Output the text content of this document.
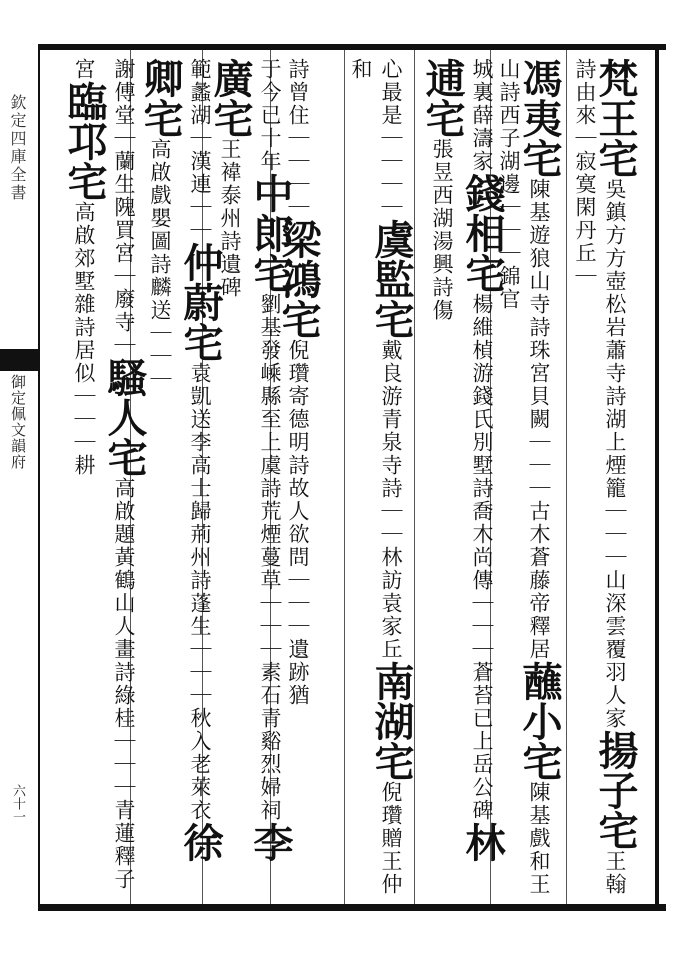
欽定四庫全書
御定佩文韻府
六十一
梵王宅吳鎮方方壺松岩蕭寺詩湖上煙籠｜｜｜山深雲覆羽人家揚子宅王翰詩由來｜寂寞閑丹丘｜
馮夷宅陳基遊狼山寺詩珠宮貝闕｜｜｜古木蒼藤帝釋居蘸小宅陳基戲和王山詩西子湖邊｜｜｜錦官
城裏薛濤家錢相宅楊維楨游錢氏別墅詩喬木尚傳｜｜｜蒼苔已上岳公碑林逋宅張昱西湖湯興詩傷
心最是｜｜｜｜虞監宅戴良游青泉寺詩｜｜林訪袁家丘南湖宅倪瓚贈王仲和
詩曾住｜｜｜｜梁鴻宅倪瓚寄德明詩故人欲問｜｜｜遺跡猶
于今已十年中郎宅劉基發嵊縣至上虞詩荒煙蔓草｜｜｜素石青谿烈婦祠李廣宅王褘泰州詩遺碑
範蠡湖｜漢連｜｜仲蔚宅袁凱送李高士歸荊州詩蓬生｜｜｜秋入老萊衣徐卿宅高啟戲嬰圖詩麟送｜｜｜
謝傅堂｜蘭生隗買宮｜廢寺｜騷人宅高啟題黃鶴山人畫詩綠桂｜｜｜青蓮釋子宮臨邛宅高啟郊墅雜詩居似｜｜｜耕
